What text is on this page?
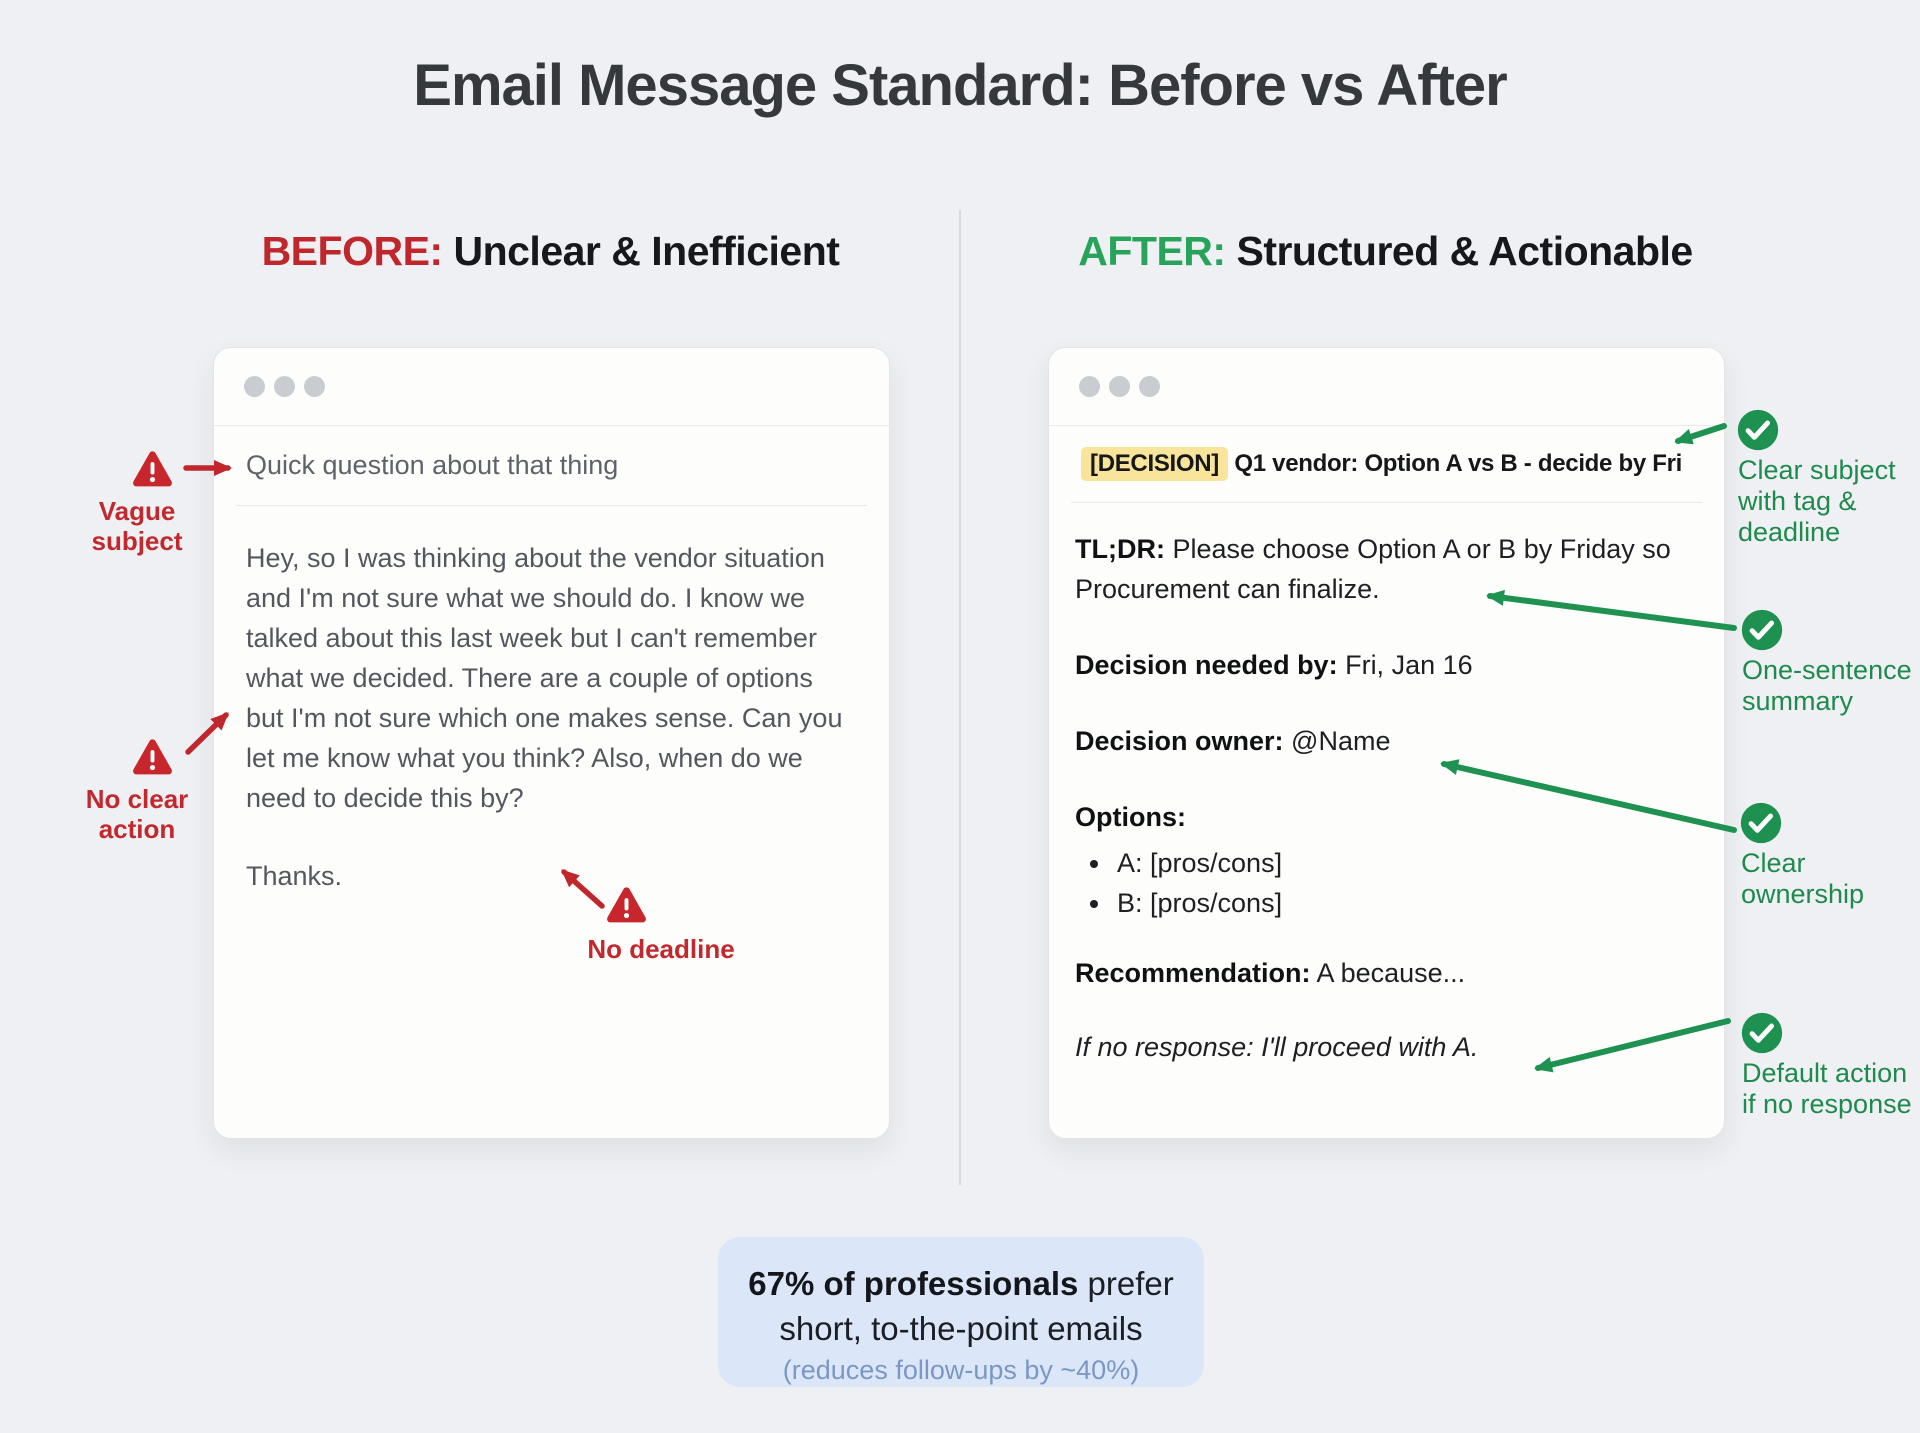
Email Message Standard: Before vs After
BEFORE: Unclear & Inefficient	AFTER: Structured & Actionable
Quick question about that thing

Hey, so I was thinking about the vendor situation and I'm not sure what we should do. I know we talked about this last week but I can't remember what we decided. There are a couple of options but I'm not sure which one makes sense. Can you let me know what you think? Also, when do we need to decide this by?

Thanks.

[DECISION] Q1 vendor: Option A vs B - decide by Fri
TL;DR: Please choose Option A or B by Friday so Procurement can finalize.
Decision needed by: Fri, Jan 16
Decision owner: @Name
Options:
• A: [pros/cons]
• B: [pros/cons]
Recommendation: A because...
If no response: I'll proceed with A.
Vague subject
No clear action
No deadline
Clear subject with tag & deadline
One-sentence summary
Clear ownership
Default action if no response
67% of professionals prefer
short, to-the-point emails
(reduces follow-ups by ~40%)
